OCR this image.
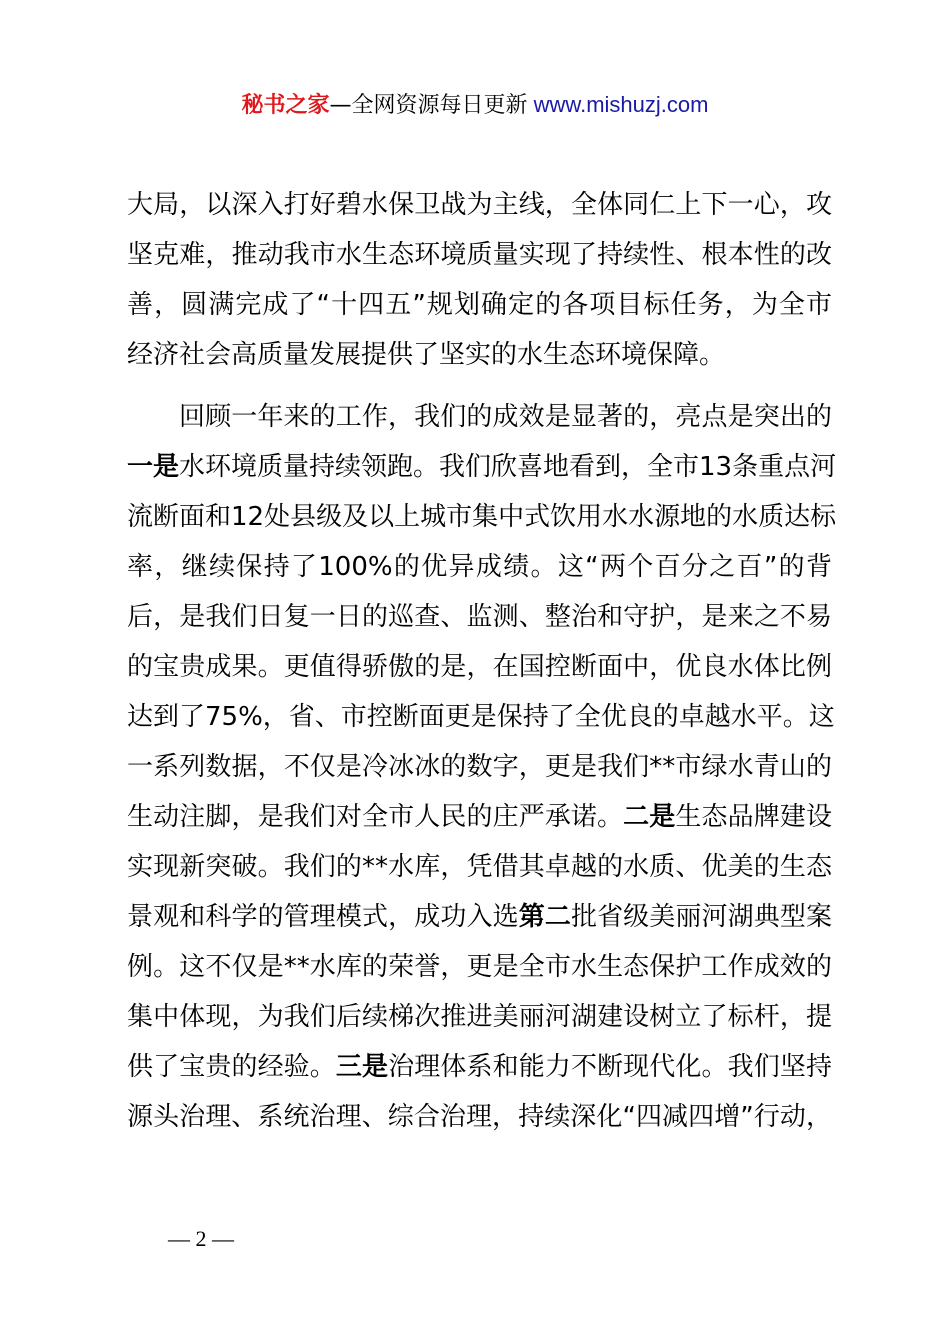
秘书之家—全网资源每日更新 www.mishuzj.com
大局，以深入打好碧水保卫战为主线，全体同仁上下一心，攻
坚克难，推动我市水生态环境质量实现了持续性、根本性的改
善，圆满完成了“十四五”规划确定的各项目标任务，为全市
经济社会高质量发展提供了坚实的水生态环境保障。
回顾一年来的工作，我们的成效是显著的，亮点是突出的
一是水环境质量持续领跑。我们欣喜地看到，全市13条重点河
流断面和12处县级及以上城市集中式饮用水水源地的水质达标
率，继续保持了100%的优异成绩。这“两个百分之百”的背
后，是我们日复一日的巡查、监测、整治和守护，是来之不易
的宝贵成果。更值得骄傲的是，在国控断面中，优良水体比例
达到了75%，省、市控断面更是保持了全优良的卓越水平。这
一系列数据，不仅是冷冰冰的数字，更是我们**市绿水青山的
生动注脚，是我们对全市人民的庄严承诺。二是生态品牌建设
实现新突破。我们的**水库，凭借其卓越的水质、优美的生态
景观和科学的管理模式，成功入选第二批省级美丽河湖典型案
例。这不仅是**水库的荣誉，更是全市水生态保护工作成效的
集中体现，为我们后续梯次推进美丽河湖建设树立了标杆，提
供了宝贵的经验。三是治理体系和能力不断现代化。我们坚持
源头治理、系统治理、综合治理，持续深化“四减四增”行动，
— 2 —
